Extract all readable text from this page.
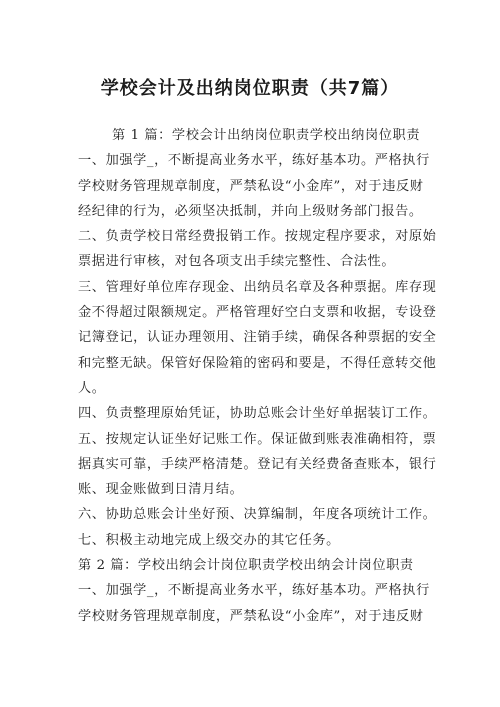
学校会计及出纳岗位职责（共7篇）
第 1 篇：学校会计出纳岗位职责学校出纳岗位职责
一、加强学_，不断提高业务水平，练好基本功。严格执行
学校财务管理规章制度，严禁私设“小金库”，对于违反财
经纪律的行为，必须坚决抵制，并向上级财务部门报告。
二、负责学校日常经费报销工作。按规定程序要求，对原始
票据进行审核，对包各项支出手续完整性、合法性。
三、管理好单位库存现金、出纳员名章及各种票据。库存现
金不得超过限额规定。严格管理好空白支票和收据，专设登
记簿登记，认证办理领用、注销手续，确保各种票据的安全
和完整无缺。保管好保险箱的密码和要是，不得任意转交他
人。
四、负责整理原始凭证，协助总账会计坐好单据装订工作。
五、按规定认证坐好记账工作。保证做到账表准确相符，票
据真实可靠，手续严格清楚。登记有关经费备查账本，银行
账、现金账做到日清月结。
六、协助总账会计坐好预、决算编制，年度各项统计工作。
七、积极主动地完成上级交办的其它任务。
第 2 篇：学校出纳会计岗位职责学校出纳会计岗位职责
一、加强学_，不断提高业务水平，练好基本功。严格执行
学校财务管理规章制度，严禁私设“小金库”，对于违反财
